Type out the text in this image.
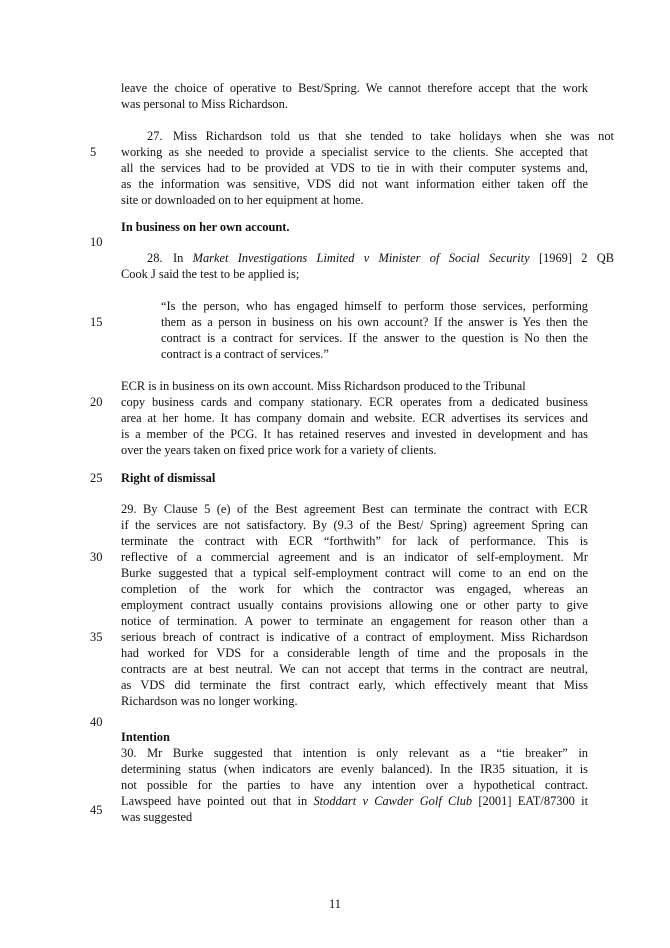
5
10
15
20
25
30
35
40
45
leave the choice of operative to Best/Spring. We cannot therefore accept that the work
was personal to Miss Richardson.
27. Miss Richardson told us that she tended to take holidays when she was not
working as she needed to provide a specialist service to the clients. She accepted that
all the services had to be provided at VDS to tie in with their computer systems and,
as the information was sensitive, VDS did not want information either taken off the
site or downloaded on to her equipment at home.
In business on her own account.
28. In Market Investigations Limited v Minister of Social Security [1969] 2 QB
Cook J said the test to be applied is;
“Is the person, who has engaged himself to perform those services, performing
them as a person in business on his own account? If the answer is Yes then the
contract is a contract for services. If the answer to the question is No then the
contract is a contract of services.”
ECR is in business on its own account. Miss Richardson produced to the Tribunal
copy business cards and company stationary. ECR operates from a dedicated business
area at her home. It has company domain and website. ECR advertises its services and
is a member of the PCG. It has retained reserves and invested in development and has
over the years taken on fixed price work for a variety of clients.
Right of dismissal
29. By Clause 5 (e) of the Best agreement Best can terminate the contract with ECR
if the services are not satisfactory. By (9.3 of the Best/ Spring) agreement Spring can
terminate the contract with ECR “forthwith” for lack of performance. This is
reflective of a commercial agreement and is an indicator of self-employment. Mr
Burke suggested that a typical self-employment contract will come to an end on the
completion of the work for which the contractor was engaged, whereas an
employment contract usually contains provisions allowing one or other party to give
notice of termination. A power to terminate an engagement for reason other than a
serious breach of contract is indicative of a contract of employment. Miss Richardson
had worked for VDS for a considerable length of time and the proposals in the
contracts are at best neutral. We can not accept that terms in the contract are neutral,
as VDS did terminate the first contract early, which effectively meant that Miss
Richardson was no longer working.
Intention
30. Mr Burke suggested that intention is only relevant as a “tie breaker” in
determining status (when indicators are evenly balanced). In the IR35 situation, it is
not possible for the parties to have any intention over a hypothetical contract.
Lawspeed have pointed out that in Stoddart v Cawder Golf Club [2001] EAT/87300 it
was suggested
11
